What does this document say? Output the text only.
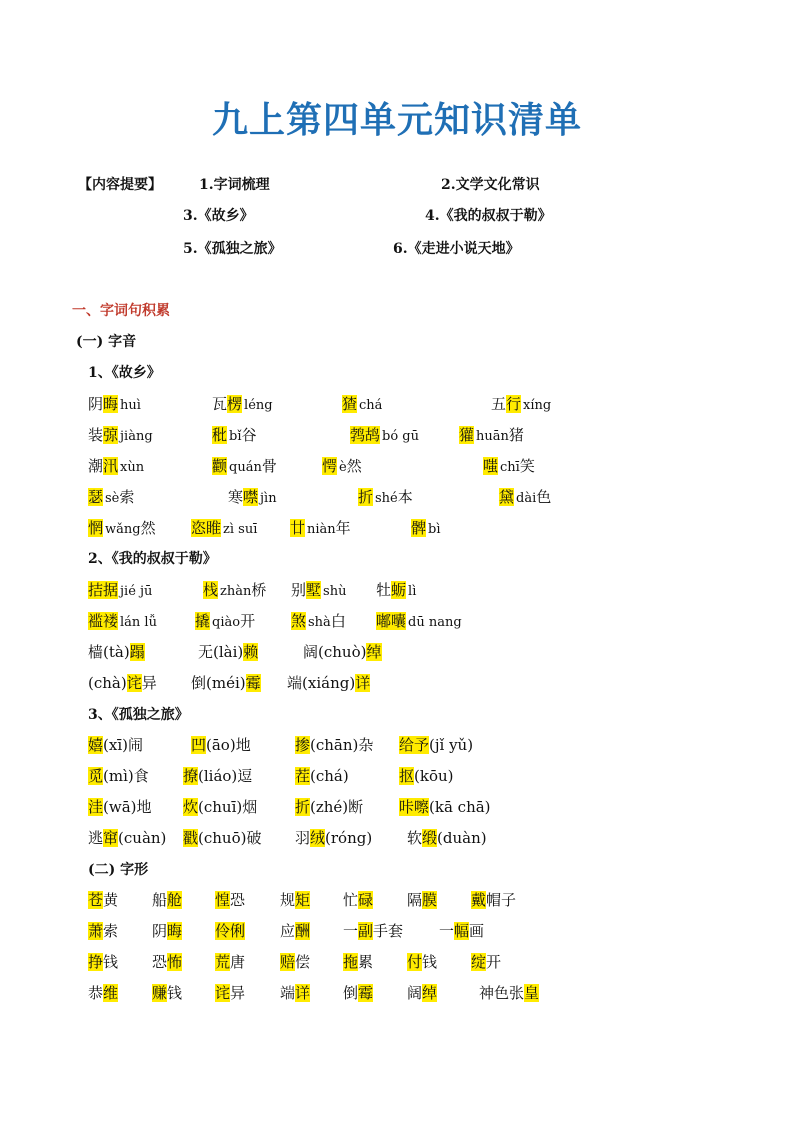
九上第四单元知识清单
【内容提要】	1.字词梳理	2.文学文化常识
3.《故乡》	4.《我的叔叔于勒》
5.《孤独之旅》	6.《走进小说天地》
一、字词句积累
(一) 字音
1、《故乡》
2、《我的叔叔于勒》
3、《孤独之旅》
(二) 字形
阴晦 huì	瓦楞 léng	猹 chá	五行 xíng
装弶 jiàng	秕 bǐ谷	鹁鸪 bó gū	獾 huān猪
潮汛 xùn	颧 quán骨	愕 è然	嗤 chī笑
瑟 sè索	寒噤 jìn	折 shé本	黛 dài色
惘 wǎng然 恣睢 zì suī 廿 niàn年	髀 bì
拮据 jié jū	栈 zhàn桥 别墅 shù 牡蛎 lì
褴褛 lán lǚ	撬 qiào开 煞 shà白 嘟囔 dū nang
樯(tà)蹋	无(lài)赖	阔(chuò)绰
(chà)诧异 倒(méi)霉 端(xiáng)详
嬉(xī)闹	凹(āo)地	掺(chān)杂 给予(jǐ yǔ)
觅(mì)食 撩(liáo)逗	茬(chá)	抠(kōu)
洼(wā)地 炊(chuī)烟	折(zhé)断 咔嚓(kā chā)
逃窜(cuàn) 戳(chuō)破 羽绒(róng) 软缎(duàn)
苍黄 船舱 惶恐 规矩 忙碌 隔膜 戴帽子
萧索 阴晦 伶俐 应酬 一副手套 一幅画
挣钱 恐怖 荒唐 赔偿 拖累 付钱 绽开
恭维 赚钱 诧异 端详 倒霉 阔绰	神色张皇
